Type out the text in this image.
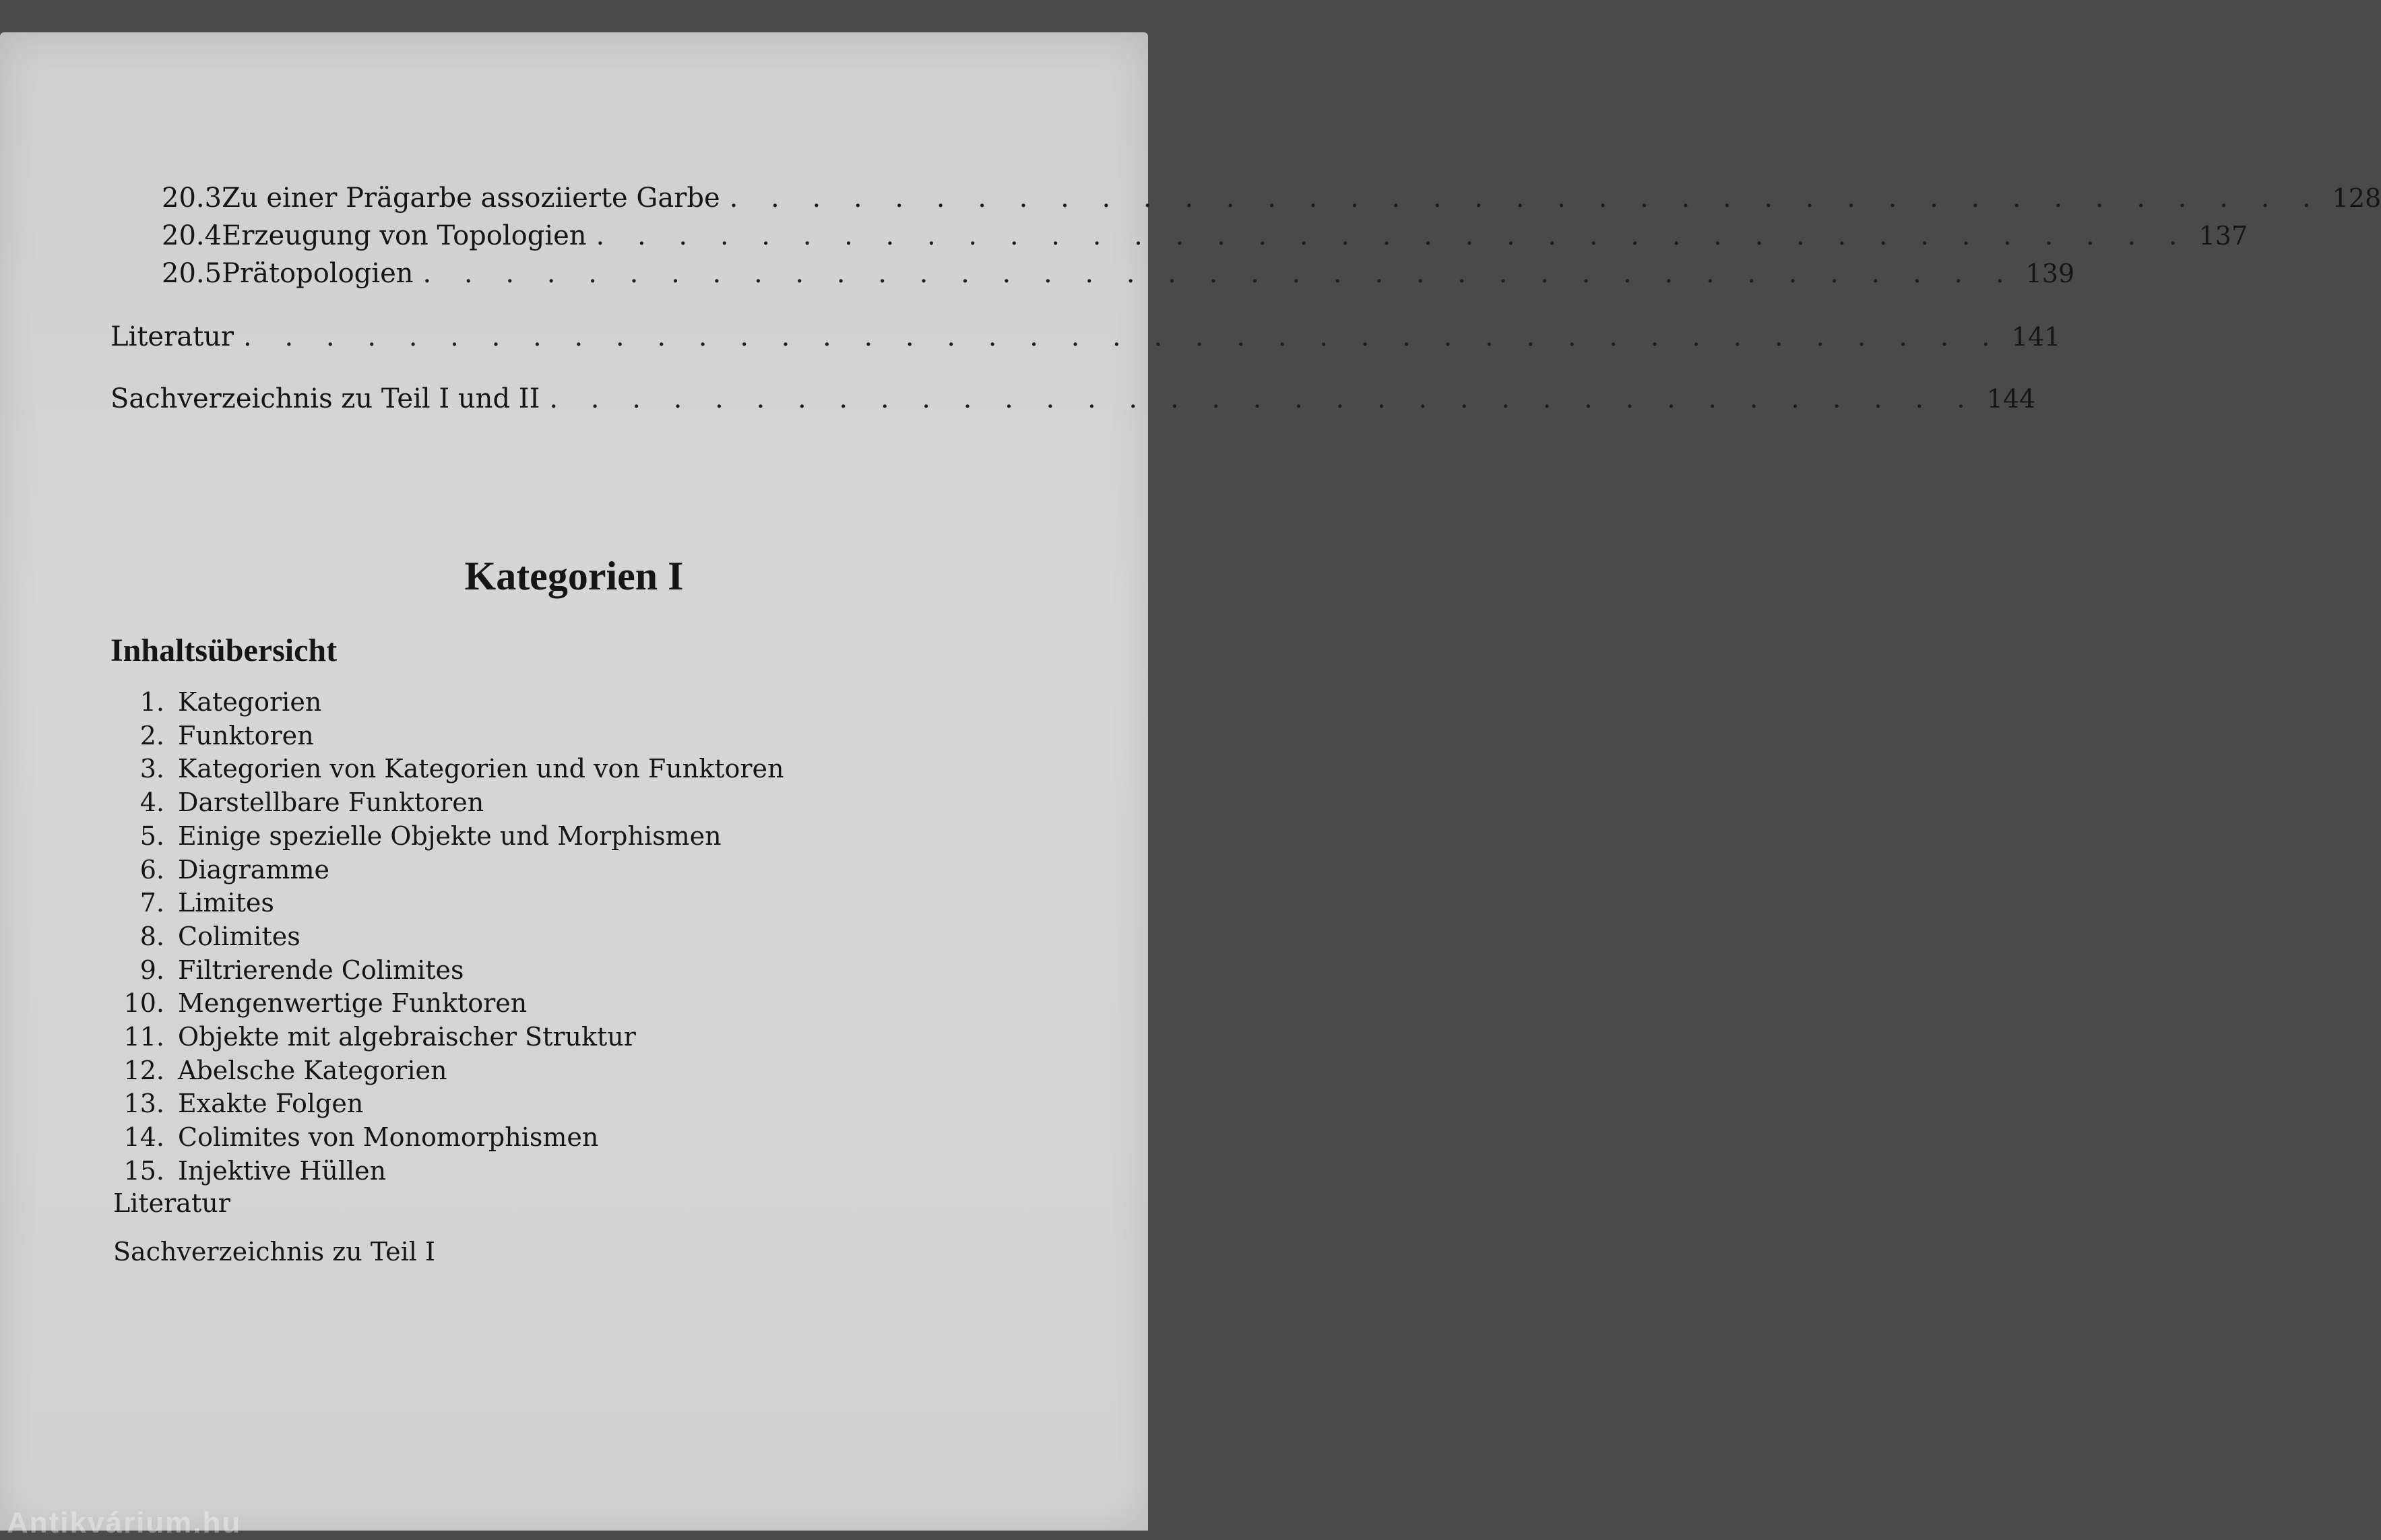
20.3 Zu einer Prägarbe assoziierte Garbe . . . . . . . . . . . . . . . . . . . . . . . . . . . . . . . . . . . . . . . 128
20.4 Erzeugung von Topologien . . . . . . . . . . . . . . . . . . . . . . . . . . . . . . . . . . . . . . . 137
20.5 Prätopologien . . . . . . . . . . . . . . . . . . . . . . . . . . . . . . . . . . . . . . . 139
Literatur . . . . . . . . . . . . . . . . . . . . . . . . . . . . . . . . . . . . . . . . . . . 141
Sachverzeichnis zu Teil I und II . . . . . . . . . . . . . . . . . . . . . . . . . . . . . . . . . . . 144
Kategorien I
Inhaltsübersicht
1. Kategorien
2. Funktoren
3. Kategorien von Kategorien und von Funktoren
4. Darstellbare Funktoren
5. Einige spezielle Objekte und Morphismen
6. Diagramme
7. Limites
8. Colimites
9. Filtrierende Colimites
10. Mengenwertige Funktoren
11. Objekte mit algebraischer Struktur
12. Abelsche Kategorien
13. Exakte Folgen
14. Colimites von Monomorphismen
15. Injektive Hüllen
Literatur
Sachverzeichnis zu Teil I
Antikvárium.hu
